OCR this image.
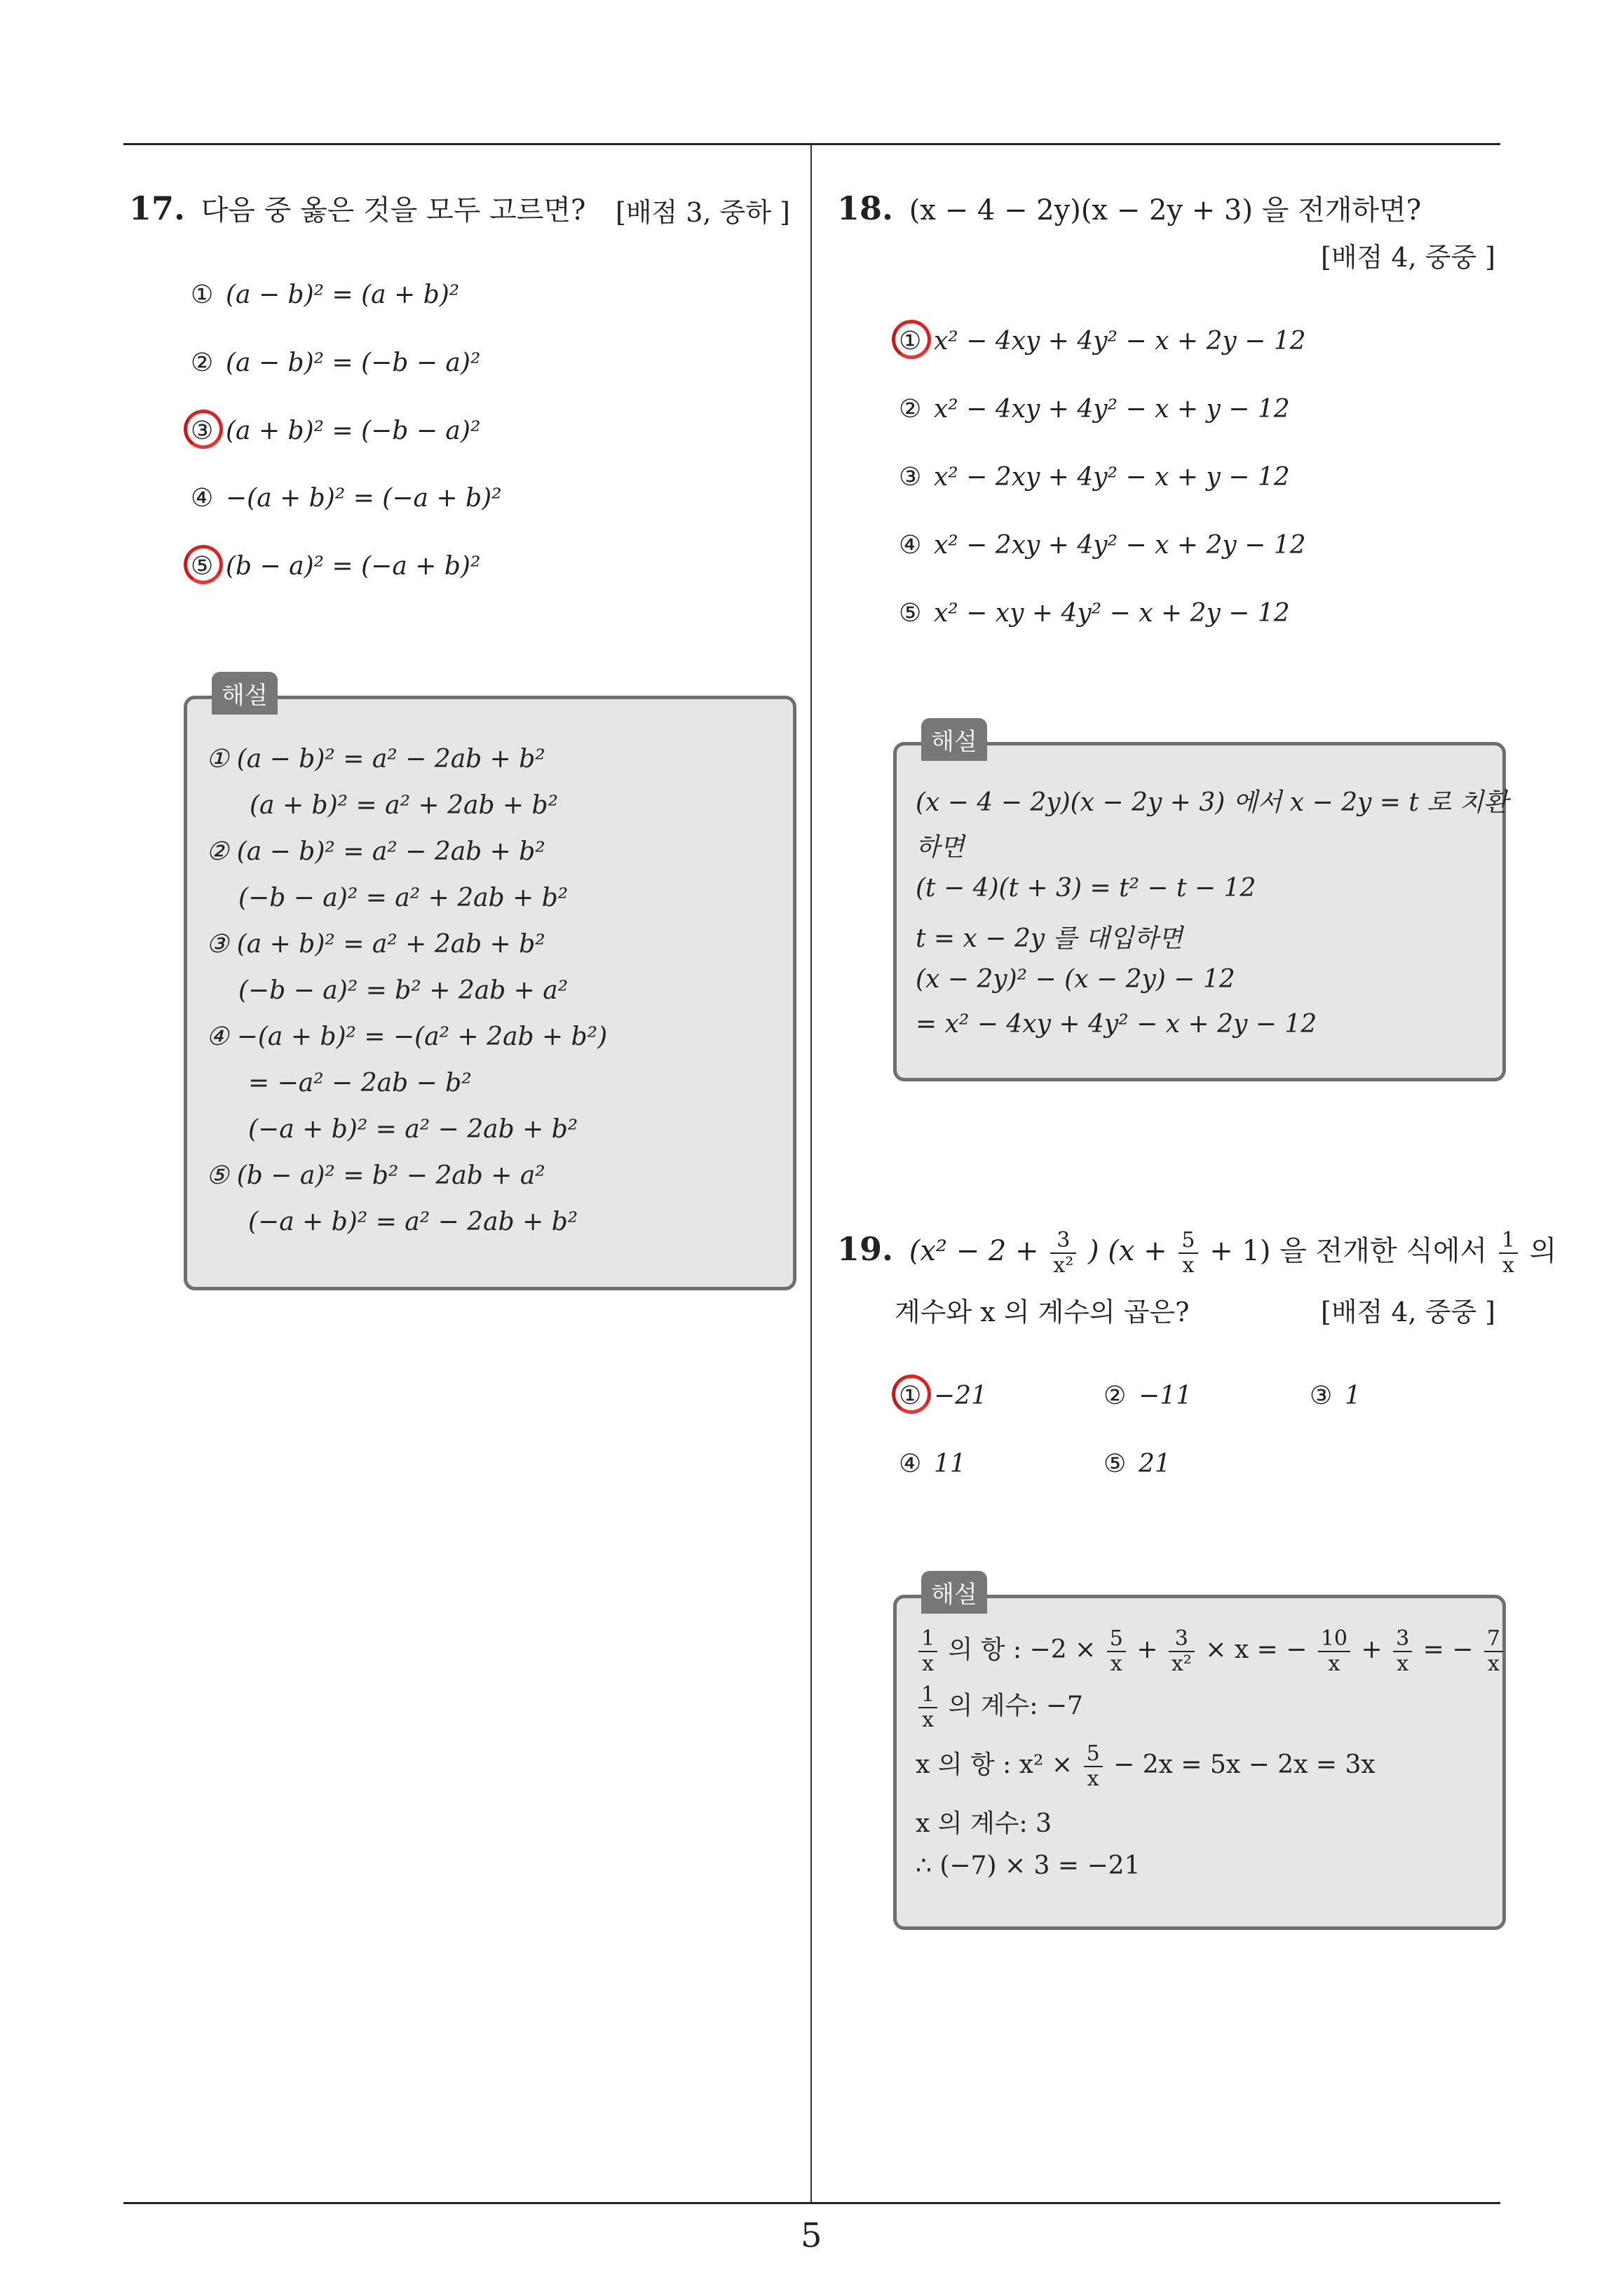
5
17. 다음 중 옳은 것을 모두 고르면? [배점 3, 중하 ]
① (a − b)² = (a + b)²
② (a − b)² = (−b − a)²
③ (a + b)² = (−b − a)²
④ −(a + b)² = (−a + b)²
⑤ (b − a)² = (−a + b)²
해설
① (a − b)² = a² − 2ab + b²
(a + b)² = a² + 2ab + b²
② (a − b)² = a² − 2ab + b²
(−b − a)² = a² + 2ab + b²
③ (a + b)² = a² + 2ab + b²
(−b − a)² = b² + 2ab + a²
④ −(a + b)² = −(a² + 2ab + b²)
= −a² − 2ab − b²
(−a + b)² = a² − 2ab + b²
⑤ (b − a)² = b² − 2ab + a²
(−a + b)² = a² − 2ab + b²
18. (x − 4 − 2y)(x − 2y + 3) 을 전개하면?
[배점 4, 중중 ]
① x² − 4xy + 4y² − x + 2y − 12
② x² − 4xy + 4y² − x + y − 12
③ x² − 2xy + 4y² − x + y − 12
④ x² − 2xy + 4y² − x + 2y − 12
⑤ x² − xy + 4y² − x + 2y − 12
해설
(x − 4 − 2y)(x − 2y + 3) 에서 x − 2y = t 로 치환
하면
(t − 4)(t + 3) = t² − t − 12
t = x − 2y 를 대입하면
(x − 2y)² − (x − 2y) − 12
= x² − 4xy + 4y² − x + 2y − 12
19. ($x^2 - 2 + \frac{3}{\text{x²}}$ ) $(x + \frac{5}{x} + 1)$ 을 전개한 식에서 $\frac{1}{x}$ 의
계수와 x 의 계수의 곱은?	[배점 4, 중중 ]
① −21	② −11	③ 1
④ 11	⑤ 21
해설
$\frac{1}{x}$ 의 항 : $-2 \times \frac{5}{x} + \frac{3}{\text{x²}} \times x$ = − $\frac{10}{x} + \frac{3}{x}$ = − $\frac{7}{x}$
$\frac{1}{x}$ 의 계수: −7
x 의 항 : $x^2 \times \frac{5}{x} - 2x = 5x - 2x = 3x$
x 의 계수: 3
∴ (−7) × 3 = −21
